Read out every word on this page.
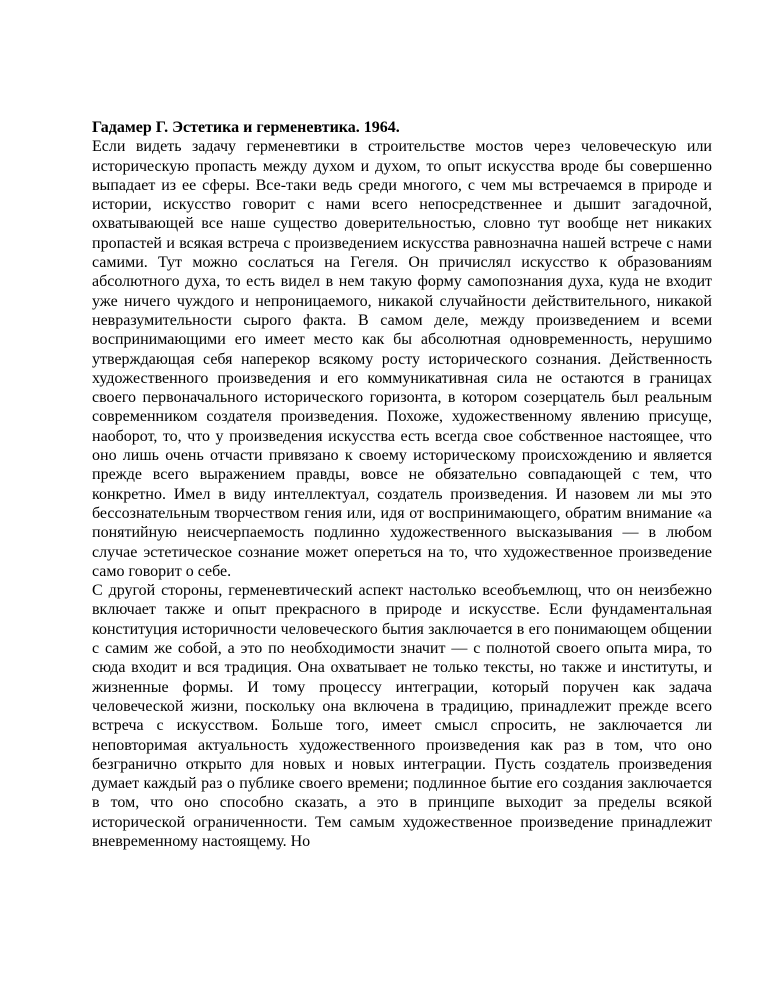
Гадамер Г. Эстетика и герменевтика. 1964.

Если видеть задачу герменевтики в строительстве мостов через человеческую или историческую пропасть между духом и духом, то опыт искусства вроде бы совершенно выпадает из ее сферы. Все-таки ведь среди многого, с чем мы встречаемся в природе и истории, искусство говорит с нами всего непосредственнее и дышит загадочной, охватывающей все наше существо доверительностью, словно тут вообще нет никаких пропастей и всякая встреча с произведением искусства равнозначна нашей встрече с нами самими. Тут можно сослаться на Гегеля. Он причислял искусство к образованиям абсолютного духа, то есть видел в нем такую форму самопознания духа, куда не входит уже ничего чуждого и непроницаемого, никакой случайности действительного, никакой невразумительности сырого факта. В самом деле, между произведением и всеми воспринимающими его имеет место как бы абсолютная одновременность, нерушимо утверждающая себя наперекор всякому росту исторического сознания. Действенность художественного произведения и его коммуникативная сила не остаются в границах своего первоначального исторического горизонта, в котором созерцатель был реальным современником создателя произведения. Похоже, художественному явлению присуще, наоборот, то, что у произведения искусства есть всегда свое собственное настоящее, что оно лишь очень отчасти привязано к своему историческому происхождению и является прежде всего выражением правды, вовсе не обязательно совпадающей с тем, что конкретно. Имел в виду интеллектуал, создатель произведения. И назовем ли мы это бессознательным творчеством гения или, идя от воспринимающего, обратим внимание «а понятийную неисчерпаемость подлинно художественного высказывания — в любом случае эстетическое сознание может опереться на то, что художественное произведение само говорит о себе.

С другой стороны, герменевтический аспект настолько всеобъемлющ, что он неизбежно включает также и опыт прекрасного в природе и искусстве. Если фундаментальная конституция историчности человеческого бытия заключается в его понимающем общении с самим же собой, а это по необходимости значит — с полнотой своего опыта мира, то сюда входит и вся традиция. Она охватывает не только тексты, но также и институты, и жизненные формы. И тому процессу интеграции, который поручен как задача человеческой жизни, поскольку она включена в традицию, принадлежит прежде всего встреча с искусством. Больше того, имеет смысл спросить, не заключается ли неповторимая актуальность художественного произведения как раз в том, что оно безгранично открыто для новых и новых интеграции. Пусть создатель произведения думает каждый раз о публике своего времени; подлинное бытие его создания заключается в том, что оно способно сказать, а это в принципе выходит за пределы всякой исторической ограниченности. Тем самым художественное произведение принадлежит вневременному настоящему. Но
